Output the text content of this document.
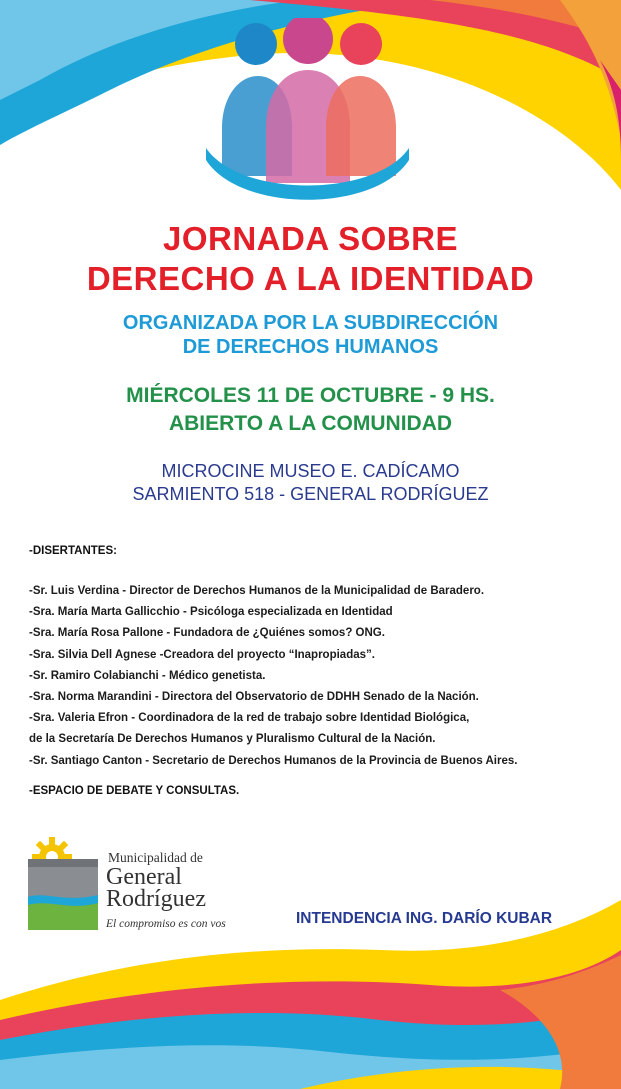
JORNADA SOBRE
DERECHO A LA IDENTIDAD
ORGANIZADA POR LA SUBDIRECCIÓN
DE DERECHOS HUMANOS
MIÉRCOLES 11 DE OCTUBRE - 9 HS.
ABIERTO A LA COMUNIDAD
MICROCINE MUSEO E. CADÍCAMO
SARMIENTO 518 - GENERAL RODRÍGUEZ
-DISERTANTES:
-Sr. Luis Verdina - Director de Derechos Humanos de la Municipalidad de Baradero.
-Sra. María Marta Gallicchio - Psicóloga especializada en Identidad
-Sra. María Rosa Pallone - Fundadora de ¿Quiénes somos? ONG.
-Sra. Silvia Dell Agnese -Creadora del proyecto “Inapropiadas”.
-Sr. Ramiro Colabianchi - Médico genetista.
-Sra. Norma Marandini - Directora del Observatorio de DDHH Senado de la Nación.
-Sra. Valeria Efron - Coordinadora de la red de trabajo sobre Identidad Biológica,
de la Secretaría De Derechos Humanos y Pluralismo Cultural de la Nación.
-Sr. Santiago Canton - Secretario de Derechos Humanos de la Provincia de Buenos Aires.
-ESPACIO DE DEBATE Y CONSULTAS.
Municipalidad de
General
Rodríguez
El compromiso es con vos	INTENDENCIA ING. DARÍO KUBAR
